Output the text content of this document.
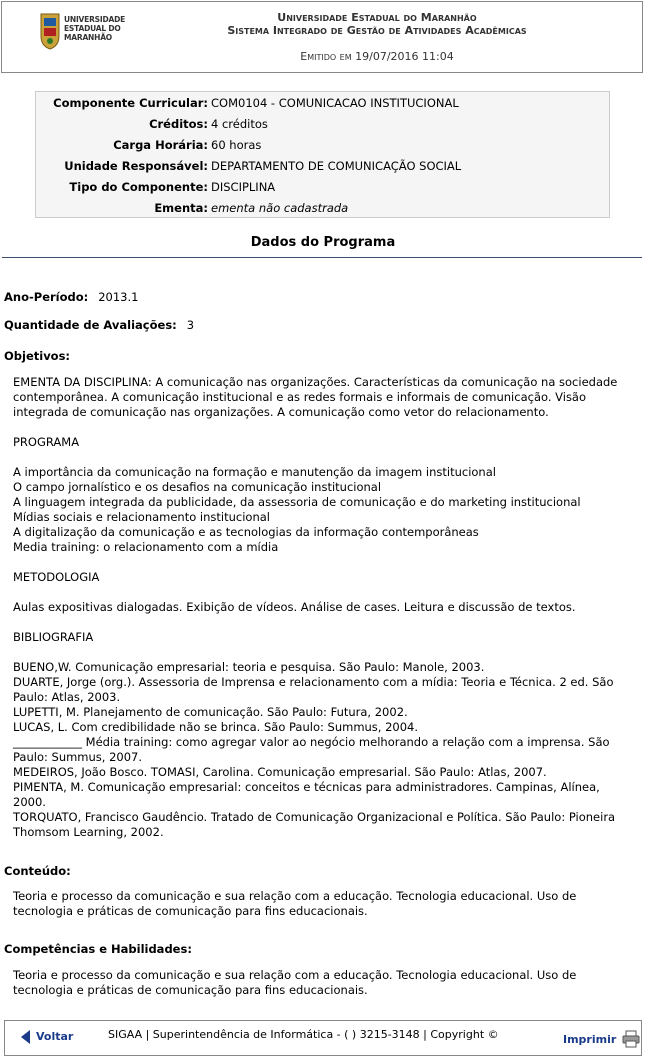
UNIVERSIDADE
ESTADUAL DO
MARANHÃO
Universidade Estadual do Maranhão
Sistema Integrado de Gestão de Atividades Acadêmicas
Emitido em 19/07/2016 11:04
Componente Curricular: COM0104 - COMUNICACAO INSTITUCIONAL
Créditos: 4 créditos
Carga Horária: 60 horas
Unidade Responsável: DEPARTAMENTO DE COMUNICAÇÃO SOCIAL
Tipo do Componente: DISCIPLINA
Ementa: ementa não cadastrada
Dados do Programa
Ano-Período: 2013.1
Quantidade de Avaliações: 3
Objetivos:

EMENTA DA DISCIPLINA: A comunicação nas organizações. Características da comunicação na sociedade contemporânea. A comunicação institucional e as redes formais e informais de comunicação. Visão integrada de comunicação nas organizações. A comunicação como vetor do relacionamento.

PROGRAMA

A importância da comunicação na formação e manutenção da imagem institucional
O campo jornalístico e os desafios na comunicação institucional
A linguagem integrada da publicidade, da assessoria de comunicação e do marketing institucional
Mídias sociais e relacionamento institucional
A digitalização da comunicação e as tecnologias da informação contemporâneas
Media training: o relacionamento com a mídia

METODOLOGIA

Aulas expositivas dialogadas. Exibição de vídeos. Análise de cases. Leitura e discussão de textos.

BIBLIOGRAFIA

BUENO,W. Comunicação empresarial: teoria e pesquisa. São Paulo: Manole, 2003.
DUARTE, Jorge (org.). Assessoria de Imprensa e relacionamento com a mídia: Teoria e Técnica. 2 ed. São Paulo: Atlas, 2003.
LUPETTI, M. Planejamento de comunicação. São Paulo: Futura, 2002.
LUCAS, L. Com credibilidade não se brinca. São Paulo: Summus, 2004.
____________ Média training: como agregar valor ao negócio melhorando a relação com a imprensa. São Paulo: Summus, 2007.
MEDEIROS, João Bosco. TOMASI, Carolina. Comunicação empresarial. São Paulo: Atlas, 2007.
PIMENTA, M. Comunicação empresarial: conceitos e técnicas para administradores. Campinas, Alínea, 2000.
TORQUATO, Francisco Gaudêncio. Tratado de Comunicação Organizacional e Política. São Paulo: Pioneira Thomsom Learning, 2002.

Conteúdo:

Teoria e processo da comunicação e sua relação com a educação. Tecnologia educacional. Uso de tecnologia e práticas de comunicação para fins educacionais.

Competências e Habilidades:

Teoria e processo da comunicação e sua relação com a educação. Tecnologia educacional. Uso de tecnologia e práticas de comunicação para fins educacionais.

Voltar	SIGAA | Superintendência de Informática - ( ) 3215-3148 | Copyright ©	Imprimir
